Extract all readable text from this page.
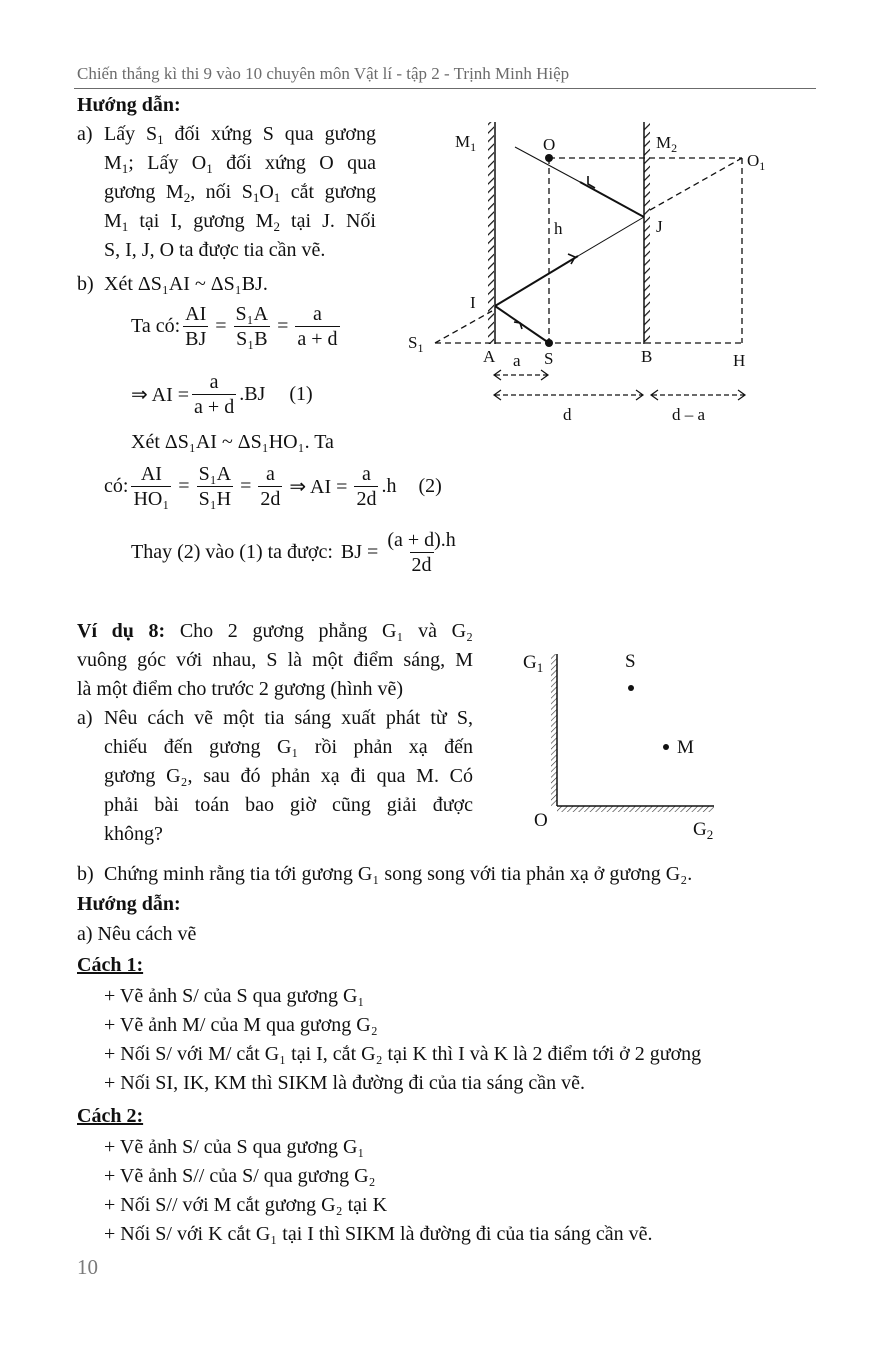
Chiến thắng kì thi 9 vào 10 chuyên môn Vật lí - tập 2 - Trịnh Minh Hiệp
Hướng dẫn:
a) Lấy $S_1$ đối xứng S qua gương
$M_1$; Lấy $O_1$ đối xứng O qua
gương $M_2$, nối $S_1O_1$ cắt gương
$M_1$ tại I, gương $M_2$ tại J. Nối
S, I, J, O ta được tia cần vẽ.
b) Xét ΔS₁AI ~ ΔS₁BJ.
Ta có: $\frac{AI}{BJ} = \frac{\text{S₁A}}{\text{S₁B}} = \frac{a}{a + d}$
⇒ AI = $\frac{a}{a + d} .BJ$ (1)
Xét ΔS₁AI ~ ΔS₁HO₁. Ta
có: $\frac{AI}{\text{HO₁}} = \frac{\text{S₁A}}{\text{S₁H}} = \frac{a}{2d}$ ⇒ AI = $\frac{a}{2d} .h$ (2)
Thay (2) vào (1) ta được: BJ = $\frac{(a + d).h}{2d}$
$M_1$	O	$M_2$
$O_1$
h	J
I
$S_1$	A a S	B	H
d	d – a
Ví dụ 8: Cho 2 gương phẳng G₁ và G₂
vuông góc với nhau, S là một điểm sáng, M
là một điểm cho trước 2 gương (hình vẽ)
a) Nêu cách vẽ một tia sáng xuất phát từ S,
chiếu đến gương G₁ rồi phản xạ đến
gương G₂, sau đó phản xạ đi qua M. Có
phải bài toán bao giờ cũng giải được
không?
$G_1$	S
M
O	$G_2$
b) Chứng minh rằng tia tới gương G₁ song song với tia phản xạ ở gương G₂.
Hướng dẫn:
a) Nêu cách vẽ
Cách 1:
+ Vẽ ảnh S/ của S qua gương G₁
+ Vẽ ảnh M/ của M qua gương G₂
+ Nối S/ với M/ cắt G₁ tại I, cắt G₂ tại K thì I và K là 2 điểm tới ở 2 gương
+ Nối SI, IK, KM thì SIKM là đường đi của tia sáng cần vẽ.
Cách 2:
+ Vẽ ảnh S/ của S qua gương G₁
+ Vẽ ảnh S// của S/ qua gương G₂
+ Nối S// với M cắt gương G₂ tại K
+ Nối S/ với K cắt G₁ tại I thì SIKM là đường đi của tia sáng cần vẽ.
10
